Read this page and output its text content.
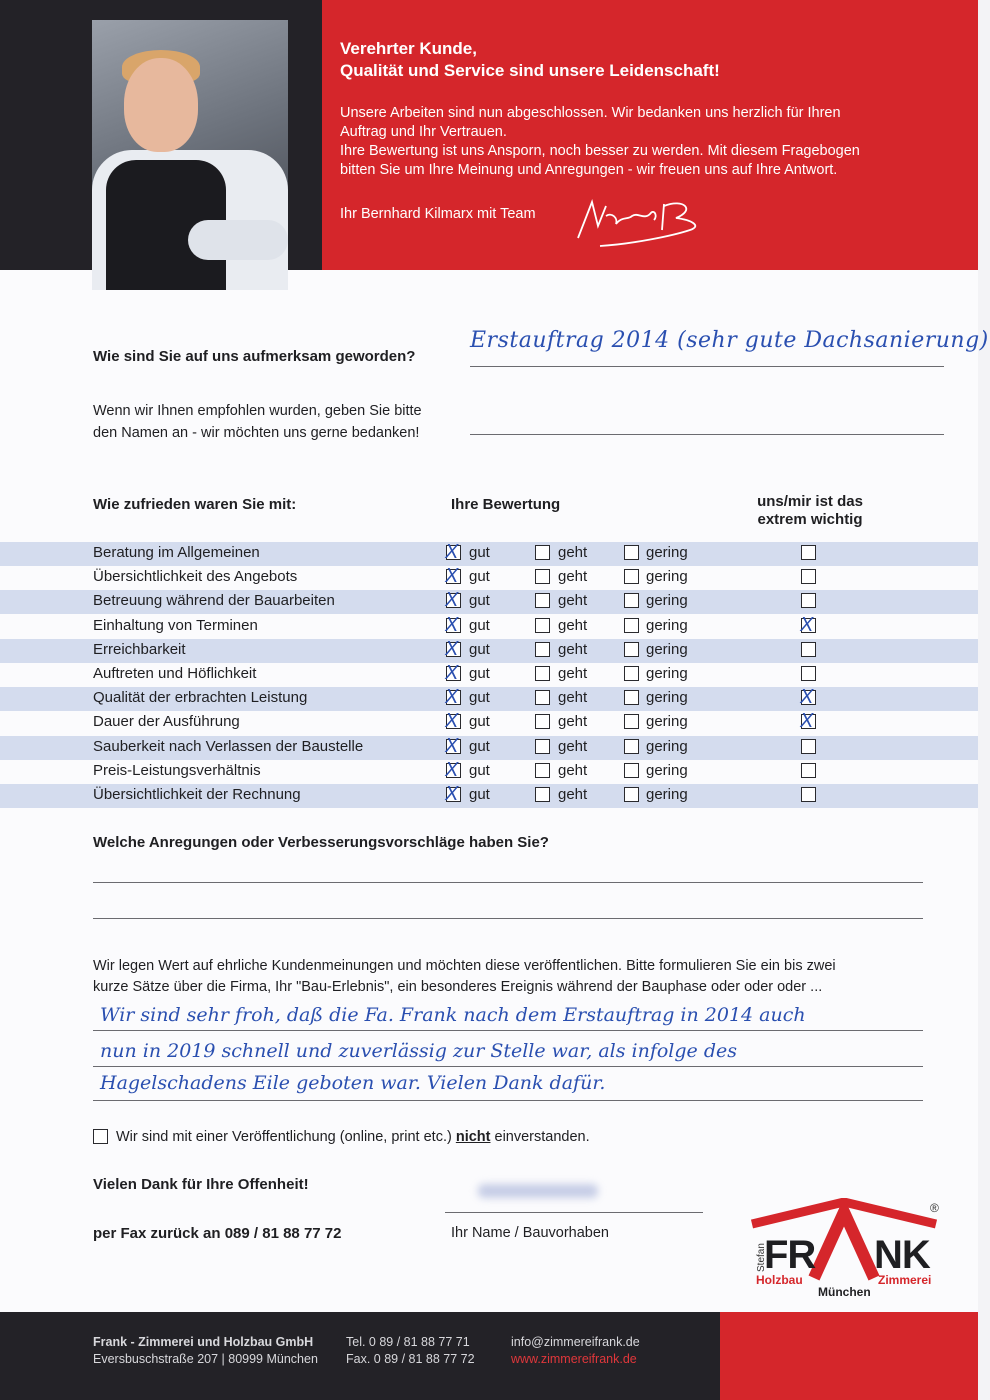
Verehrter Kunde,
Qualität und Service sind unsere Leidenschaft!
Unsere Arbeiten sind nun abgeschlossen. Wir bedanken uns herzlich für Ihren
Auftrag und Ihr Vertrauen.
Ihre Bewertung ist uns Ansporn, noch besser zu werden. Mit diesem Fragebogen
bitten Sie um Ihre Meinung und Anregungen - wir freuen uns auf Ihre Antwort.
Ihr Bernhard Kilmarx mit Team
Wie sind Sie auf uns aufmerksam geworden?
Erstauftrag 2014 (sehr gute Dachsanierung)
Wenn wir Ihnen empfohlen wurden, geben Sie bitte
den Namen an - wir möchten uns gerne bedanken!
Wie zufrieden waren Sie mit:	Ihre Bewertung	uns/mir ist das
extrem wichtig
Beratung im Allgemeinen	X gut	geht	gering
Übersichtlichkeit des Angebots	X gut	geht	gering
Betreuung während der Bauarbeiten	X gut	geht	gering
Einhaltung von Terminen	X gut	geht	gering	X
Erreichbarkeit	X gut	geht	gering
Auftreten und Höflichkeit	X gut	geht	gering
Qualität der erbrachten Leistung	X gut	geht	gering	X
Dauer der Ausführung	X gut	geht	gering	X
Sauberkeit nach Verlassen der Baustelle	X gut	geht	gering
Preis-Leistungsverhältnis	X gut	geht	gering
Übersichtlichkeit der Rechnung	X gut	geht	gering
Welche Anregungen oder Verbesserungsvorschläge haben Sie?
Wir legen Wert auf ehrliche Kundenmeinungen und möchten diese veröffentlichen. Bitte formulieren Sie ein bis zwei
kurze Sätze über die Firma, Ihr "Bau-Erlebnis", ein besonderes Ereignis während der Bauphase oder oder oder ...
Wir sind sehr froh, daß die Fa. Frank nach dem Erstauftrag in 2014 auch
nun in 2019 schnell und zuverlässig zur Stelle war, als infolge des
Hagelschadens Eile geboten war. Vielen Dank dafür.
Wir sind mit einer Veröffentlichung (online, print etc.) nicht einverstanden.
Vielen Dank für Ihre Offenheit!
per Fax zurück an 089 / 81 88 77 72	Ihr Name / Bauvorhaben
Stefan
FR NK
®
Holzbau	Zimmerei
München
Frank - Zimmerei und Holzbau GmbH
Eversbuschstraße 207 | 80999 München
Tel. 0 89 / 81 88 77 71
Fax. 0 89 / 81 88 77 72
info@zimmereifrank.de
www.zimmereifrank.de
